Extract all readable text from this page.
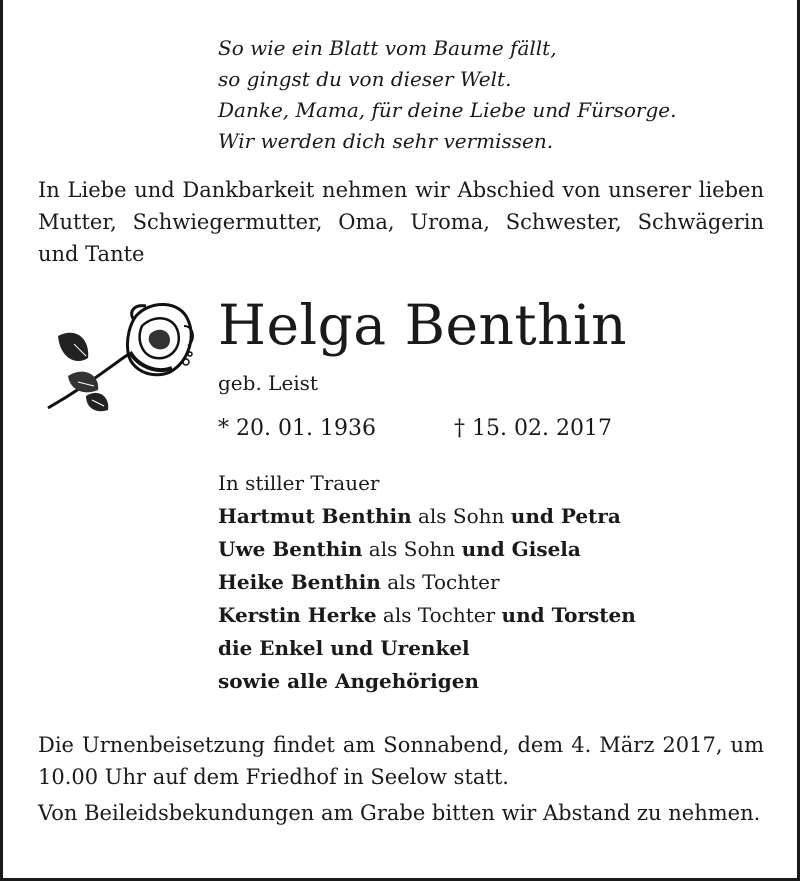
So wie ein Blatt vom Baume fällt,
so gingst du von dieser Welt.
Danke, Mama, für deine Liebe und Fürsorge.
Wir werden dich sehr vermissen.
In Liebe und Dankbarkeit nehmen wir Abschied von unserer lieben Mutter, Schwiegermutter, Oma, Uroma, Schwester, Schwägerin und Tante
Helga Benthin
geb. Leist
* 20. 01. 1936	† 15. 02. 2017
In stiller Trauer
Hartmut Benthin als Sohn und Petra
Uwe Benthin als Sohn und Gisela
Heike Benthin als Tochter
Kerstin Herke als Tochter und Torsten
die Enkel und Urenkel
sowie alle Angehörigen
Die Urnenbeisetzung findet am Sonnabend, dem 4. März 2017, um 10.00 Uhr auf dem Friedhof in Seelow statt.
Von Beileidsbekundungen am Grabe bitten wir Abstand zu nehmen.
